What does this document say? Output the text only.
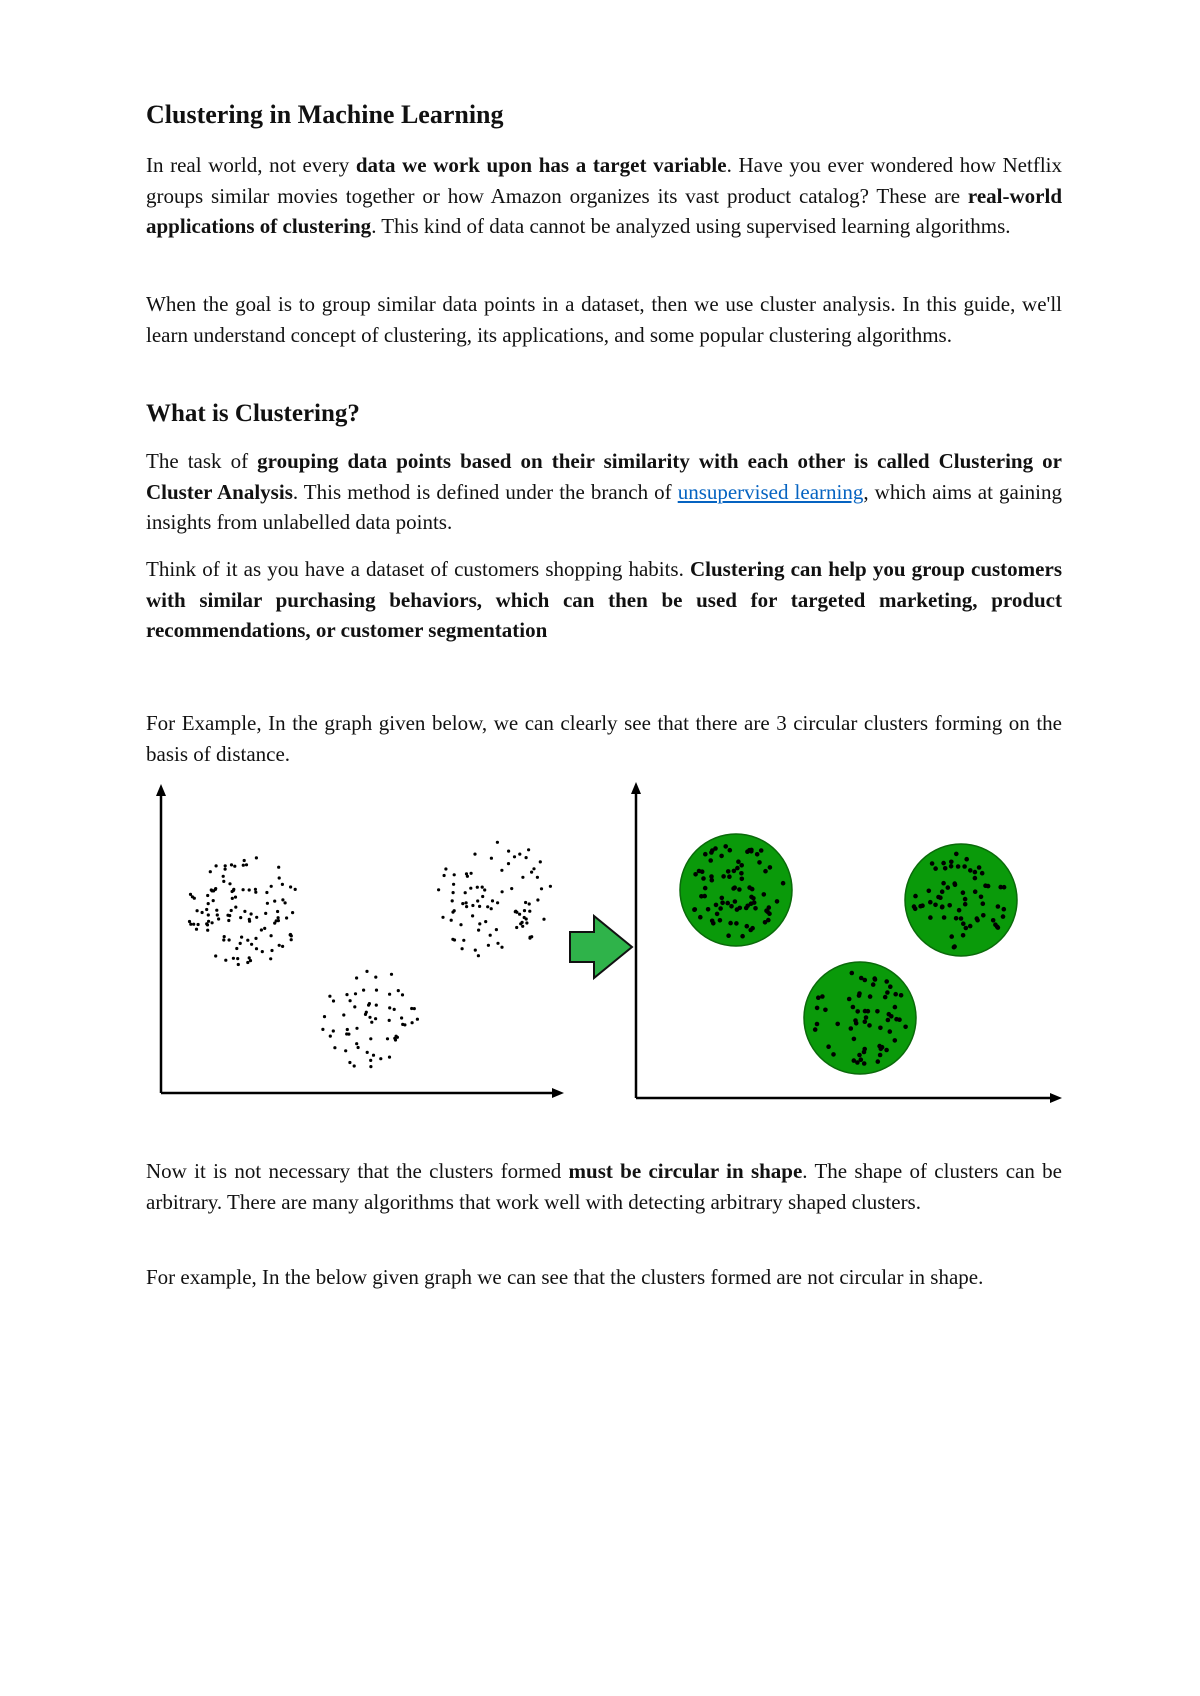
Clustering in Machine Learning

In real world, not every data we work upon has a target variable. Have you ever wondered how Netflix groups similar movies together or how Amazon organizes its vast product catalog? These are real-world applications of clustering. This kind of data cannot be analyzed using supervised learning algorithms.

When the goal is to group similar data points in a dataset, then we use cluster analysis. In this guide, we'll learn understand concept of clustering, its applications, and some popular clustering algorithms.

What is Clustering?

The task of grouping data points based on their similarity with each other is called Clustering or Cluster Analysis. This method is defined under the branch of unsupervised learning, which aims at gaining insights from unlabelled data points.

Think of it as you have a dataset of customers shopping habits. Clustering can help you group customers with similar purchasing behaviors, which can then be used for targeted marketing, product recommendations, or customer segmentation

For Example, In the graph given below, we can clearly see that there are 3 circular clusters forming on the basis of distance.

Now it is not necessary that the clusters formed must be circular in shape. The shape of clusters can be arbitrary. There are many algorithms that work well with detecting arbitrary shaped clusters.

For example, In the below given graph we can see that the clusters formed are not circular in shape.
